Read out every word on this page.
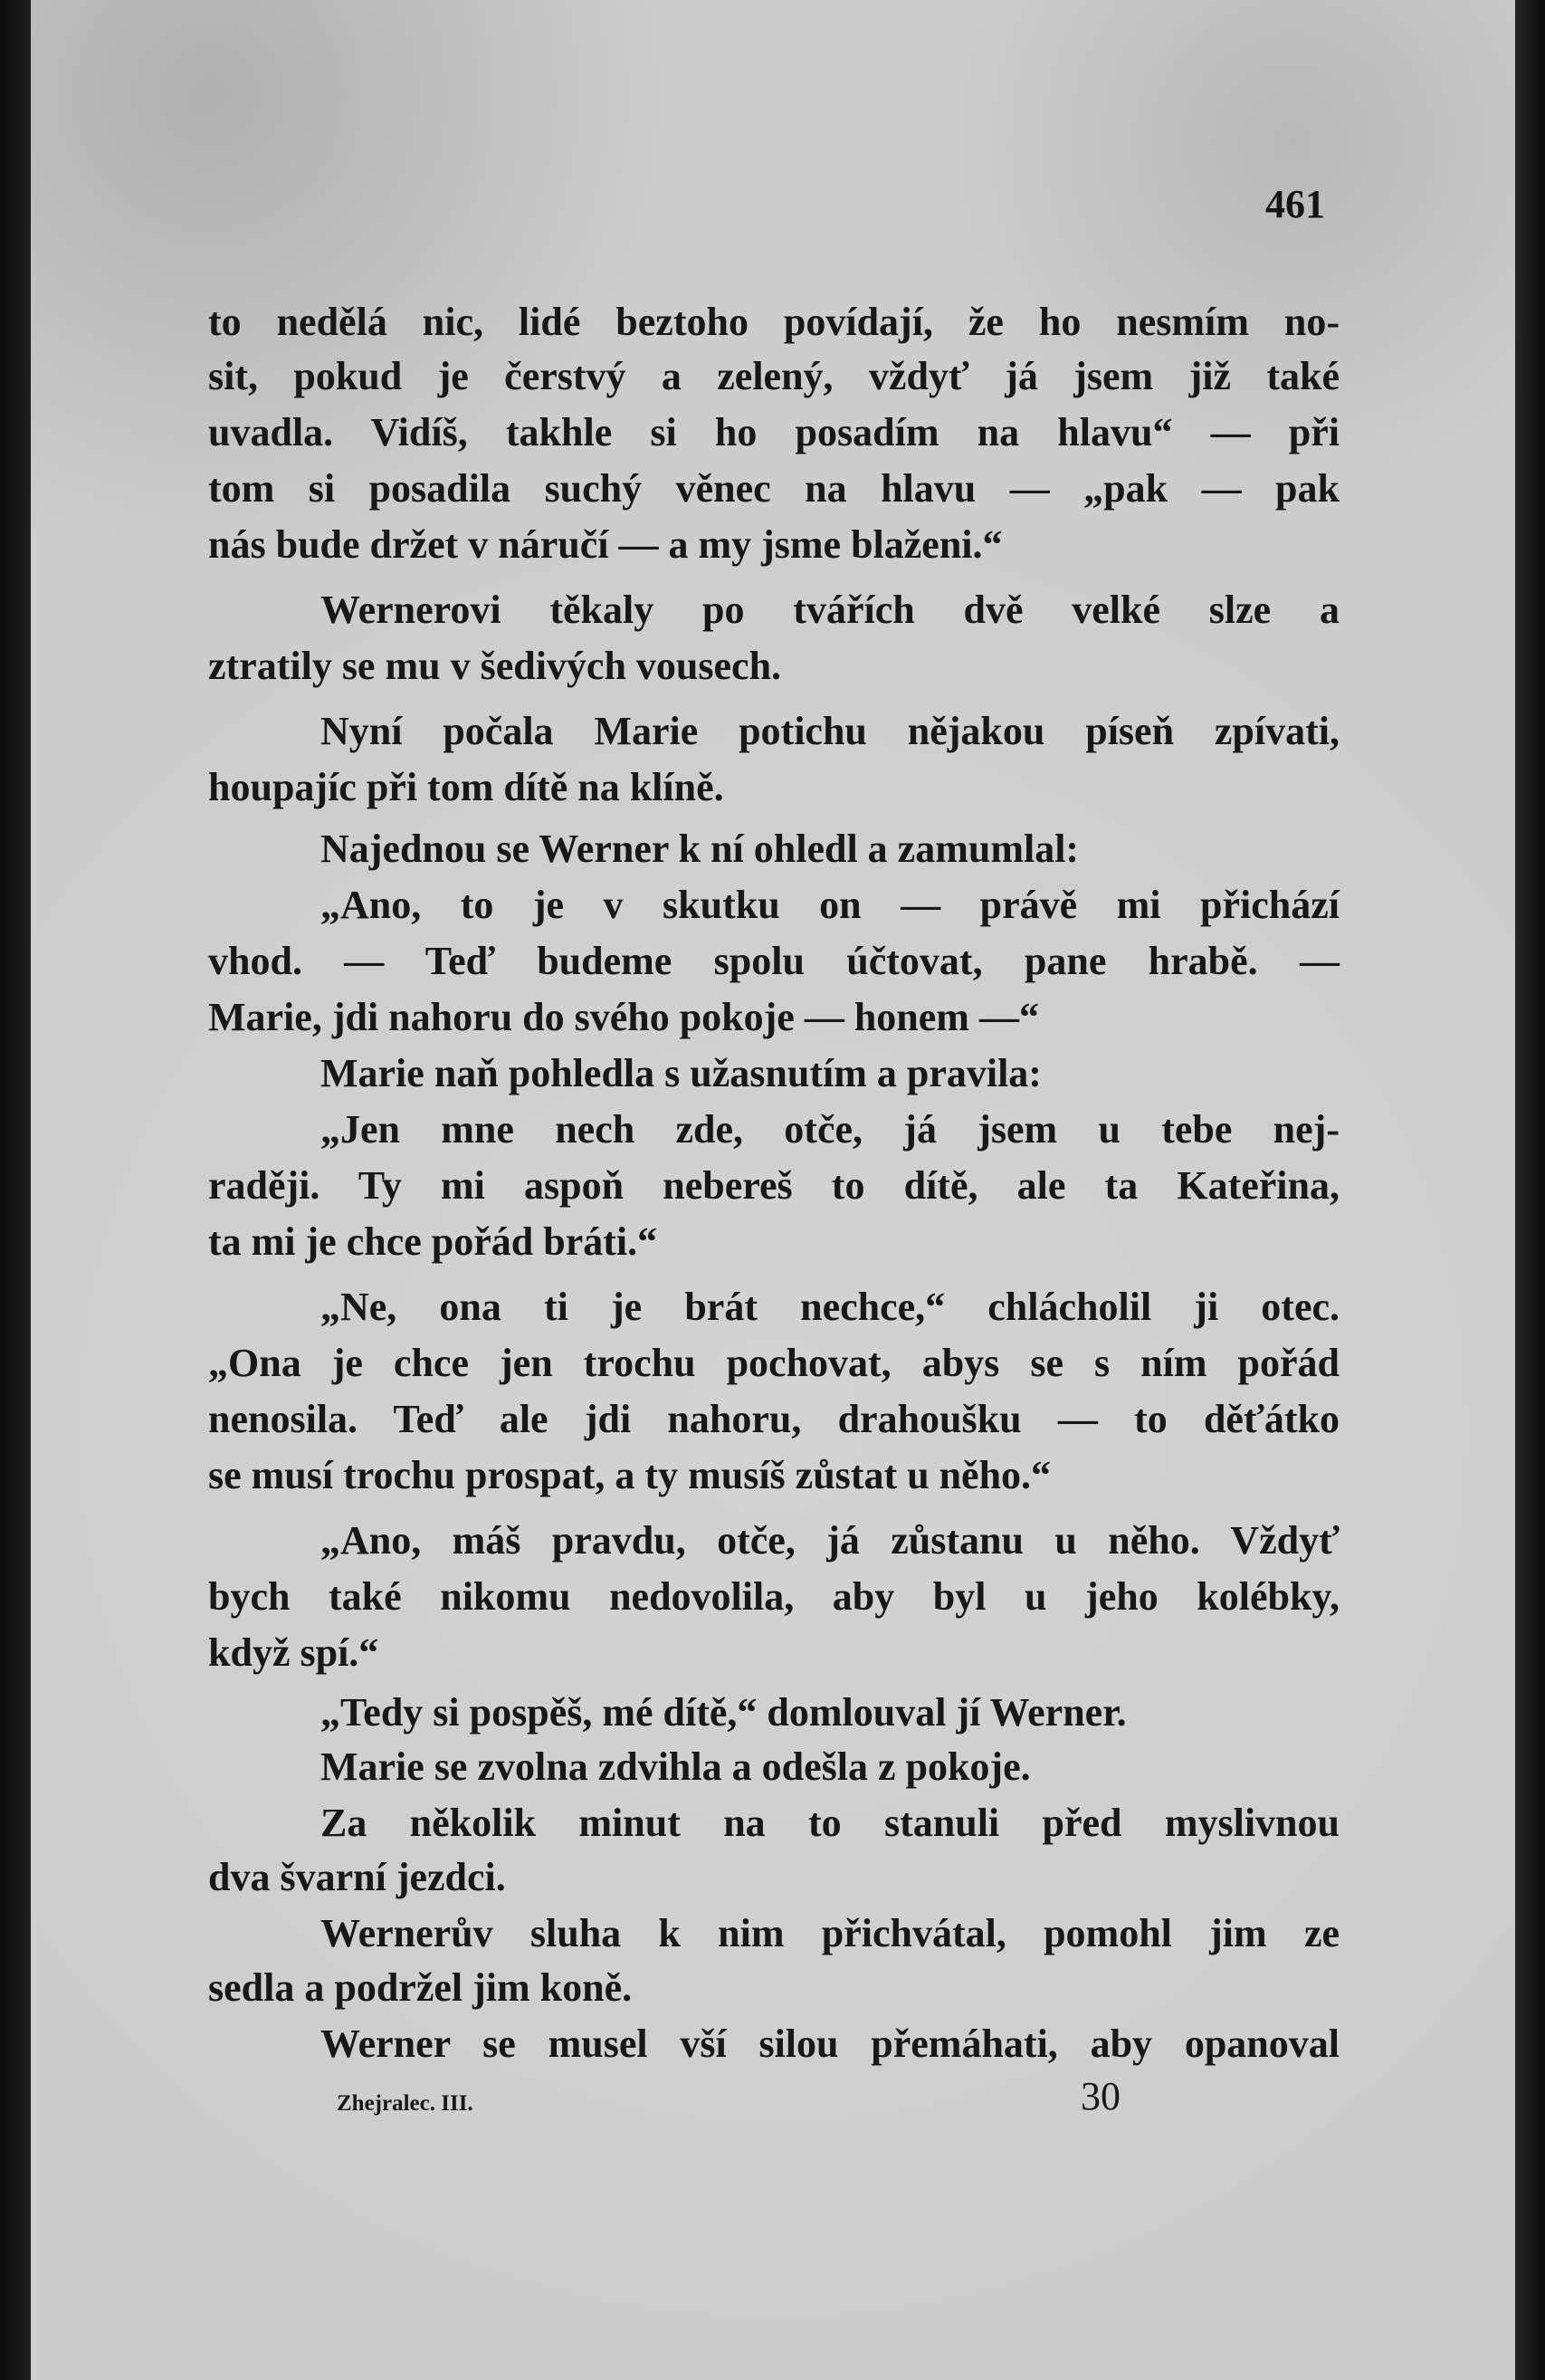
461
to nedělá nic, lidé beztoho povídají, že ho nesmím no-
sit, pokud je čerstvý a zelený, vždyť já jsem již také
uvadla. Vidíš, takhle si ho posadím na hlavu“ — při
tom si posadila suchý věnec na hlavu — „pak — pak
nás bude držet v náručí — a my jsme blaženi.“
Wernerovi těkaly po tvářích dvě velké slze a
ztratily se mu v šedivých vousech.
Nyní počala Marie potichu nějakou píseň zpívati,
houpajíc při tom dítě na klíně.
Najednou se Werner k ní ohledl a zamumlal:
„Ano, to je v skutku on — právě mi přichází
vhod. — Teď budeme spolu účtovat, pane hrabě. —
Marie, jdi nahoru do svého pokoje — honem —“
Marie naň pohledla s užasnutím a pravila:
„Jen mne nech zde, otče, já jsem u tebe nej-
raději. Ty mi aspoň nebereš to dítě, ale ta Kateřina,
ta mi je chce pořád bráti.“
„Ne, ona ti je brát nechce,“ chlácholil ji otec.
„Ona je chce jen trochu pochovat, abys se s ním pořád
nenosila. Teď ale jdi nahoru, drahoušku — to děťátko
se musí trochu prospat, a ty musíš zůstat u něho.“
„Ano, máš pravdu, otče, já zůstanu u něho. Vždyť
bych také nikomu nedovolila, aby byl u jeho kolébky,
když spí.“
„Tedy si pospěš, mé dítě,“ domlouval jí Werner.
Marie se zvolna zdvihla a odešla z pokoje.
Za několik minut na to stanuli před myslivnou
dva švarní jezdci.
Wernerův sluha k nim přichvátal, pomohl jim ze
sedla a podržel jim koně.
Werner se musel vší silou přemáhati, aby opanoval
Zhejralec. III.	30
